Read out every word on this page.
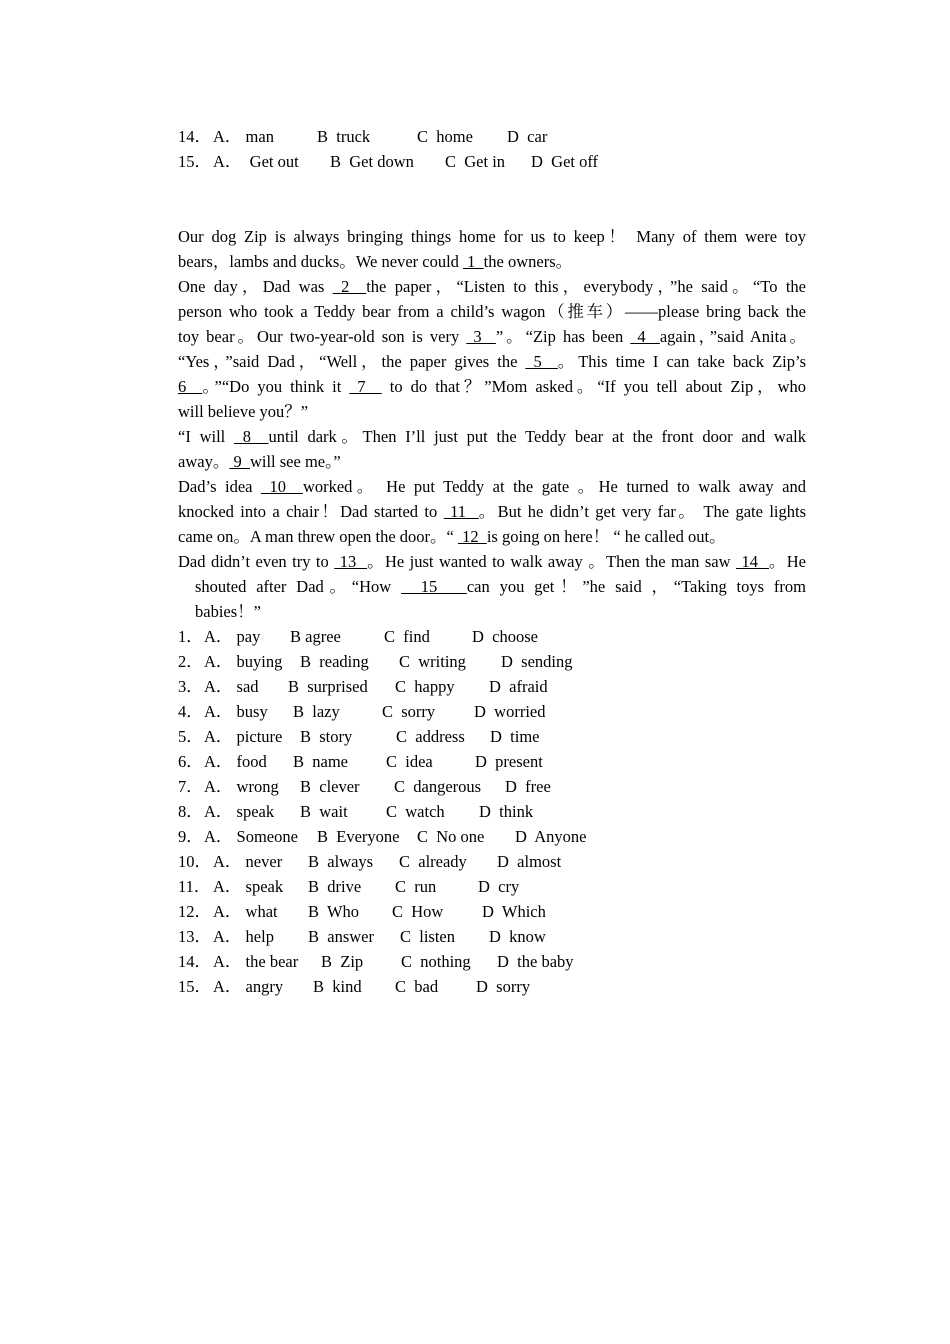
14． A． man	B  truck	C  home	D  car
15． A．  Get out	B  Get down	C  Get in	D  Get off
Our dog Zip is always bringing things home for us to keep！ Many of them were toy
bears，lambs and ducks。We never could  1  the owners。
One day，Dad was  2  the paper，“Listen to this，everybody，”he said。“To the
person who took a Teddy bear from a child’s wagon（推车）——please bring back the
toy bear。Our two-year-old son is very  3  ”。“Zip has been  4  again，”said Anita。
“Yes，”said Dad，“Well，the paper gives the  5  。This time I can take back Zip’s
6  。”“Do you think it  7   to do that？”Mom asked。“If you tell about Zip，who
will believe you？”
“I will  8  until dark。Then I’ll just put the Teddy bear at the front door and walk
away。 9  will see me。”
Dad’s idea  10  worked。 He put Teddy at the gate 。He turned to walk away and
knocked into a chair！Dad started to  11  。But he didn’t get very far。 The gate lights
came on。A man threw open the door。“  12  is going on here！ “ he called out。
Dad didn’t even try to  13  。He just wanted to walk away 。Then the man saw  14  。He
shouted after Dad。“How   15   can you get！”he said ，“Taking toys from
babies！”
1． A． pay	B agree	C  find	D  choose
2． A． buying	B  reading	C  writing	D  sending
3． A． sad	B  surprised	C  happy	D  afraid
4． A． busy	B  lazy	C  sorry	D  worried
5． A． picture	B  story	C  address	D  time
6． A． food	B  name	C  idea	D  present
7． A． wrong	B  clever	C  dangerous	D  free
8． A． speak	B  wait	C  watch	D  think
9． A． Someone	B  Everyone	C  No one	D  Anyone
10． A． never	B  always	C  already	D  almost
11． A． speak	B  drive	C  run	D  cry
12． A． what	B  Who	C  How	D  Which
13． A． help	B  answer	C  listen	D  know
14． A． the bear	B  Zip	C  nothing	D  the baby
15． A． angry	B  kind	C  bad	D  sorry
